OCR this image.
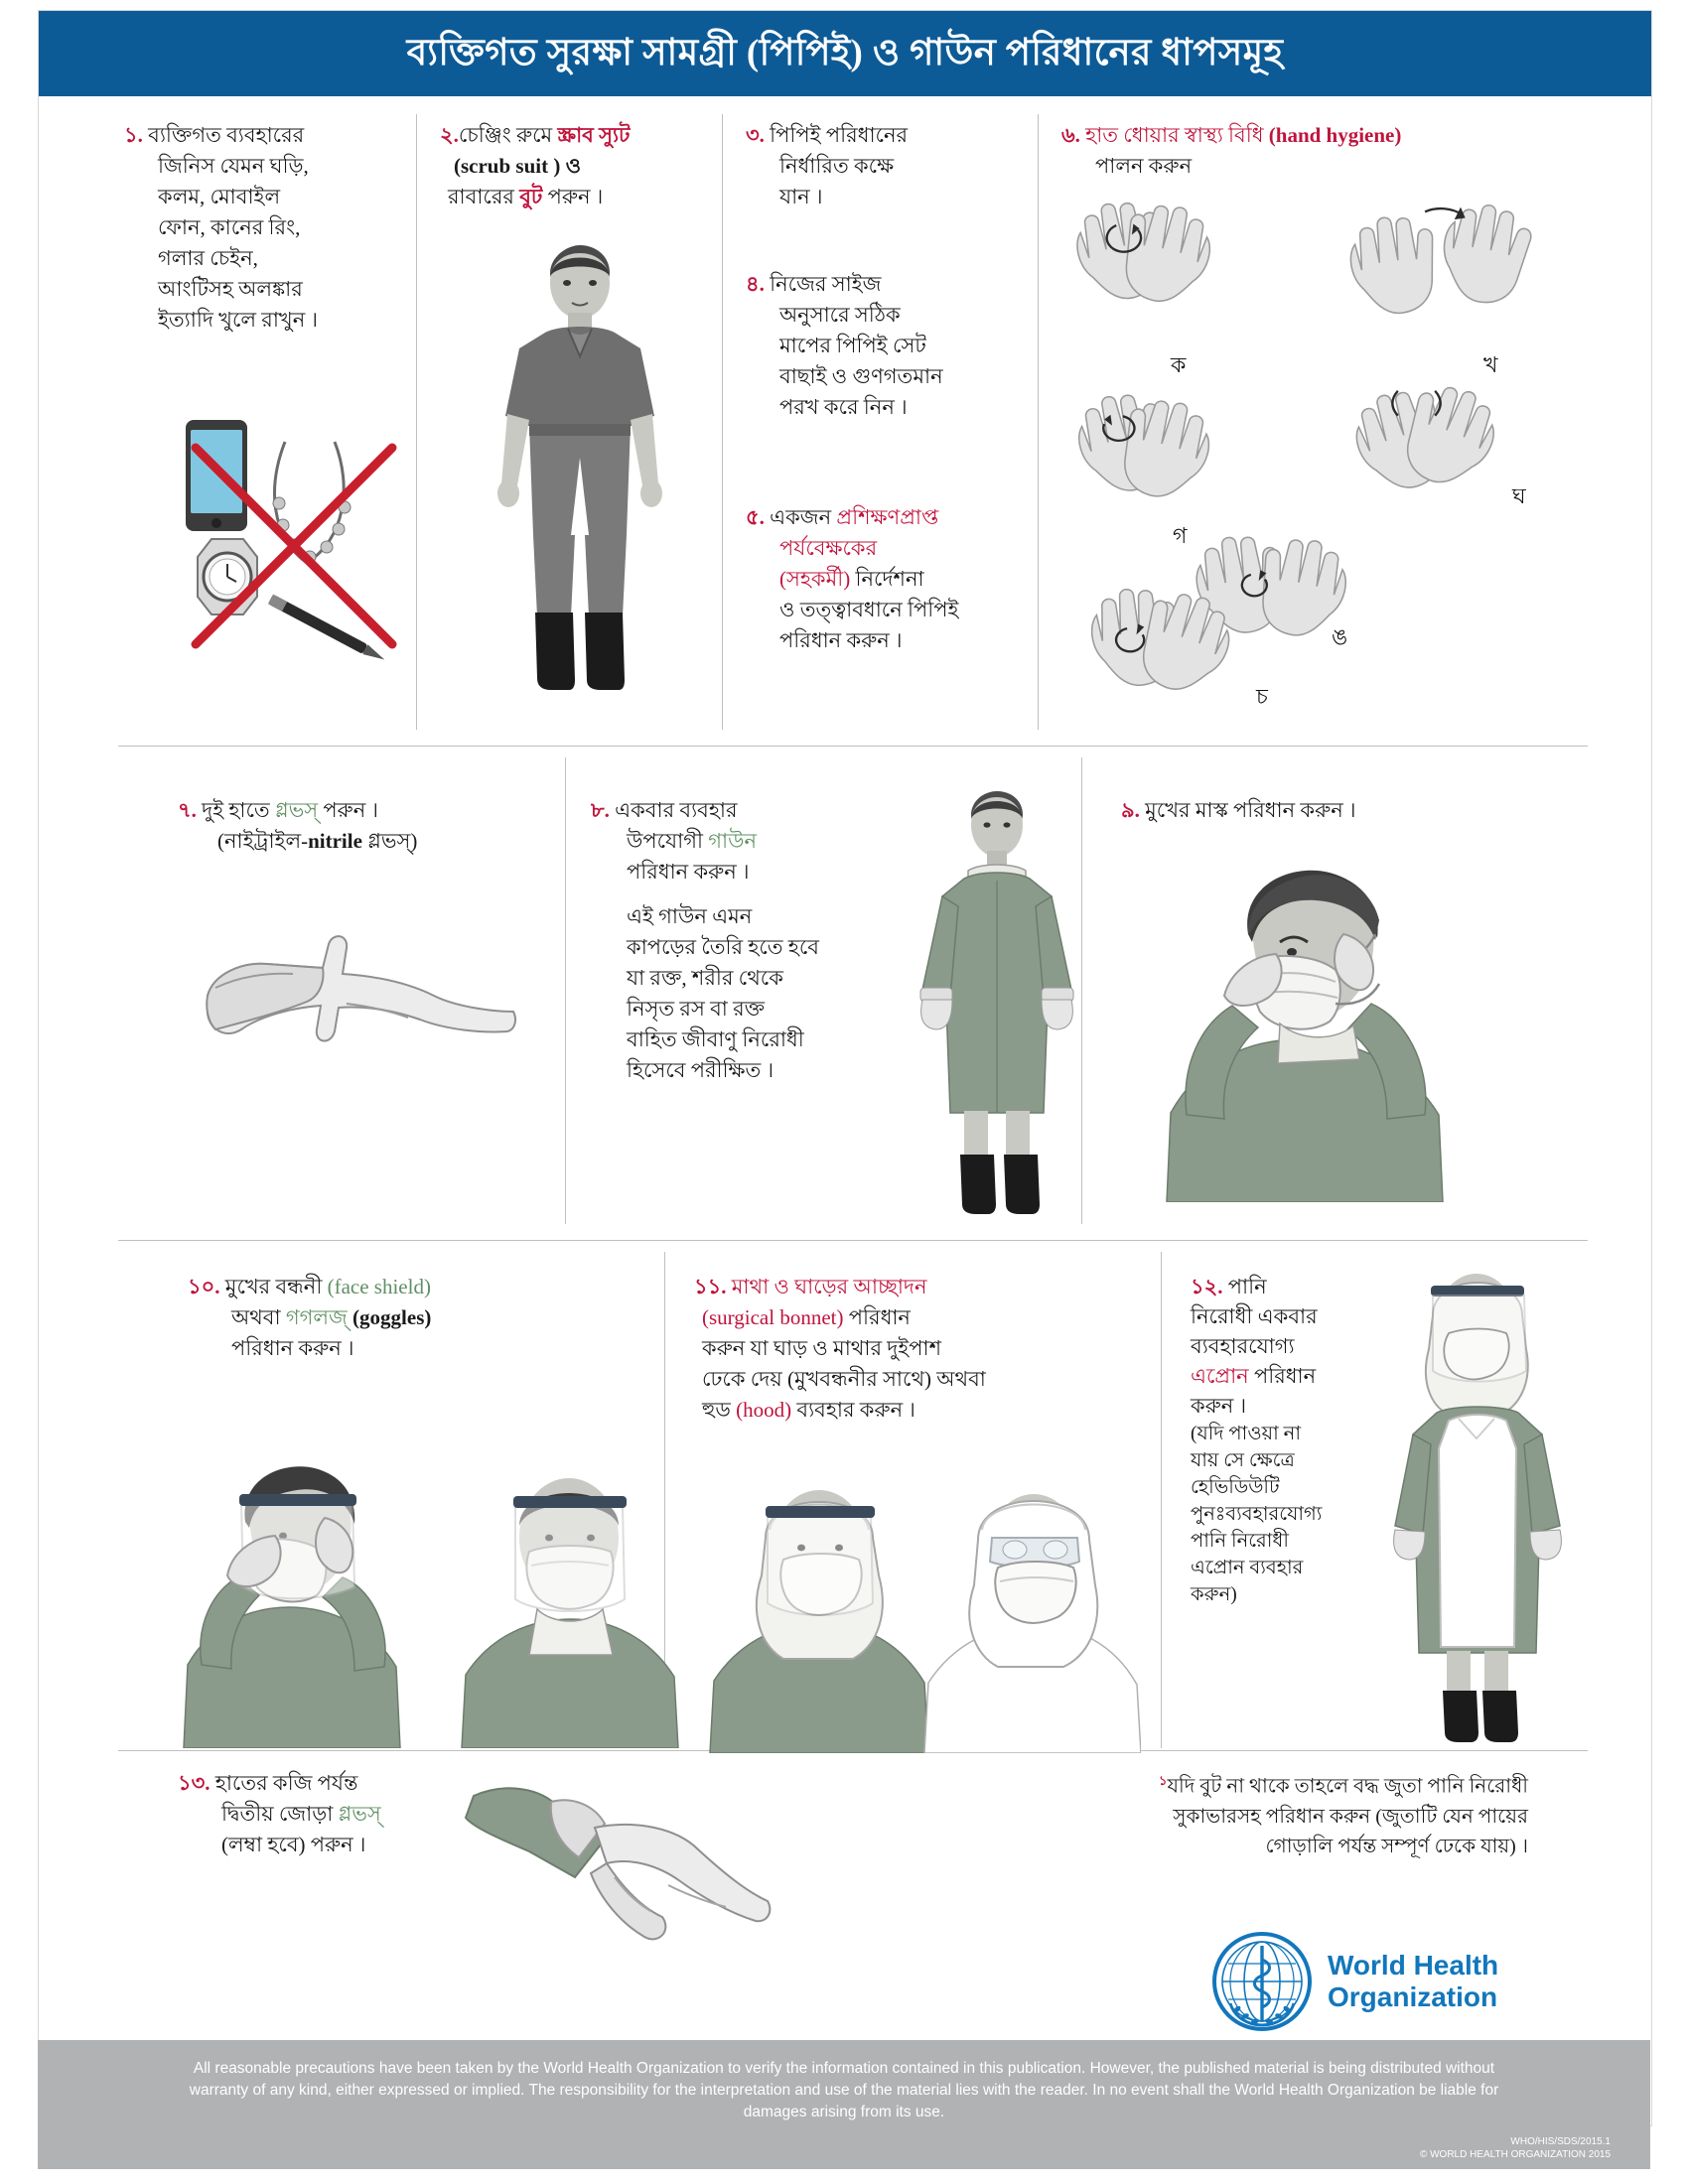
ব্যক্তিগত সুরক্ষা সামগ্রী (পিপিই) ও গাউন পরিধানের ধাপসমূহ
১. ব্যক্তিগত ব্যবহারের
জিনিস যেমন ঘড়ি,
কলম, মোবাইল
ফোন, কানের রিং,
গলার চেইন,
আংটিসহ অলঙ্কার
ইত্যাদি খুলে রাখুন ।
২.চেঞ্জিং রুমে স্ক্রাব স্যুট
(scrub suit ) ও
রাবারের বুট পরুন ।
৩. পিপিই পরিধানের
নির্ধারিত কক্ষে
যান ।
৪. নিজের সাইজ
অনুসারে সঠিক
মাপের পিপিই সেট
বাছাই ও গুণগতমান
পরখ করে নিন ।
৫. একজন প্রশিক্ষণপ্রাপ্ত
পর্যবেক্ষকের
(সহকর্মী) নির্দেশনা
ও তত্ত্বাবধানে পিপিই
পরিধান করুন ।
৬. হাত ধোয়ার স্বাস্থ্য বিধি (hand hygiene)
পালন করুন
ক	খ
গ
ঘ
ঙ
চ
৭. দুই হাতে গ্লভস্ পরুন ।
(নাইট্রাইল-nitrile গ্লভস্)
৮. একবার ব্যবহার
উপযোগী গাউন
পরিধান করুন ।
এই গাউন এমন
কাপড়ের তৈরি হতে হবে
যা রক্ত, শরীর থেকে
নিসৃত রস বা রক্ত
বাহিত জীবাণু নিরোধী
হিসেবে পরীক্ষিত ।
৯. মুখের মাস্ক পরিধান করুন ।
১০. মুখের বন্ধনী (face shield)
অথবা গগলজ্ (goggles)
পরিধান করুন ।
১১. মাথা ও ঘাড়ের আচ্ছাদন
(surgical bonnet) পরিধান
করুন যা ঘাড় ও মাথার দুইপাশ
ঢেকে দেয় (মুখবন্ধনীর সাথে) অথবা
হুড (hood) ব্যবহার করুন ।
১২. পানি
নিরোধী একবার
ব্যবহারযোগ্য
এপ্রোন পরিধান
করুন ।
(যদি পাওয়া না
যায় সে ক্ষেত্রে
হেভিডিউটি
পুনঃব্যবহারযোগ্য
পানি নিরোধী
এপ্রোন ব্যবহার
করুন)
১৩. হাতের কজি পর্যন্ত
দ্বিতীয় জোড়া গ্লভস্
(লম্বা হবে) পরুন ।
$^১$যদি বুট না থাকে তাহলে বদ্ধ জুতা পানি নিরোধী
সুকাভারসহ পরিধান করুন (জুতাটি যেন পায়ের
গোড়ালি পর্যন্ত সম্পূর্ণ ঢেকে যায়) ।
World Health
Organization

All reasonable precautions have been taken by the World Health Organization to verify the information contained in this publication. However, the published material is being distributed without warranty of any kind, either expressed or implied. The responsibility for the interpretation and use of the material lies with the reader. In no event shall the World Health Organization be liable for damages arising from its use.

WHO/HIS/SDS/2015.1
© WORLD HEALTH ORGANIZATION 2015
